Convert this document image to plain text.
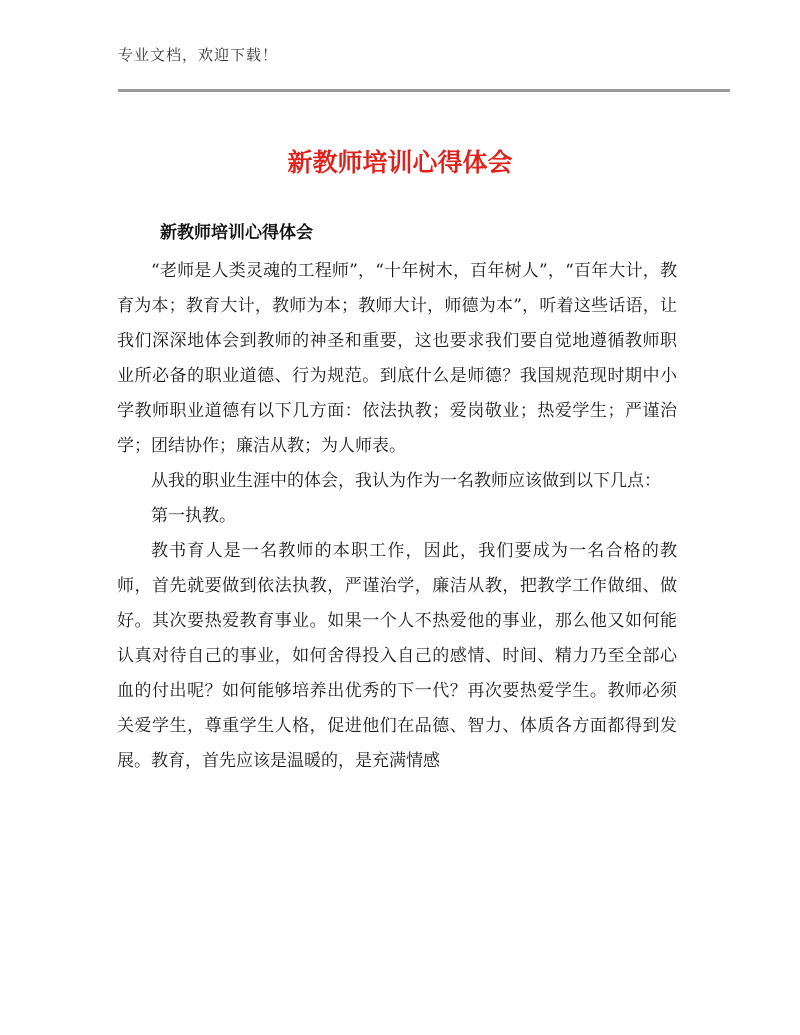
专业文档，欢迎下载！
新教师培训心得体会
新教师培训心得体会

“老师是人类灵魂的工程师”，“十年树木，百年树人”，“百年大计，教育为本；教育大计，教师为本；教师大计，师德为本”，听着这些话语，让我们深深地体会到教师的神圣和重要，这也要求我们要自觉地遵循教师职业所必备的职业道德、行为规范。到底什么是师德？我国规范现时期中小学教师职业道德有以下几方面：依法执教；爱岗敬业；热爱学生；严谨治学；团结协作；廉洁从教；为人师表。

从我的职业生涯中的体会，我认为作为一名教师应该做到以下几点：

第一执教。

教书育人是一名教师的本职工作，因此，我们要成为一名合格的教师，首先就要做到依法执教，严谨治学，廉洁从教，把教学工作做细、做好。其次要热爱教育事业。如果一个人不热爱他的事业，那么他又如何能认真对待自己的事业，如何舍得投入自己的感情、时间、精力乃至全部心血的付出呢？如何能够培养出优秀的下一代？再次要热爱学生。教师必须关爱学生，尊重学生人格，促进他们在品德、智力、体质各方面都得到发展。教育，首先应该是温暖的，是充满情感
